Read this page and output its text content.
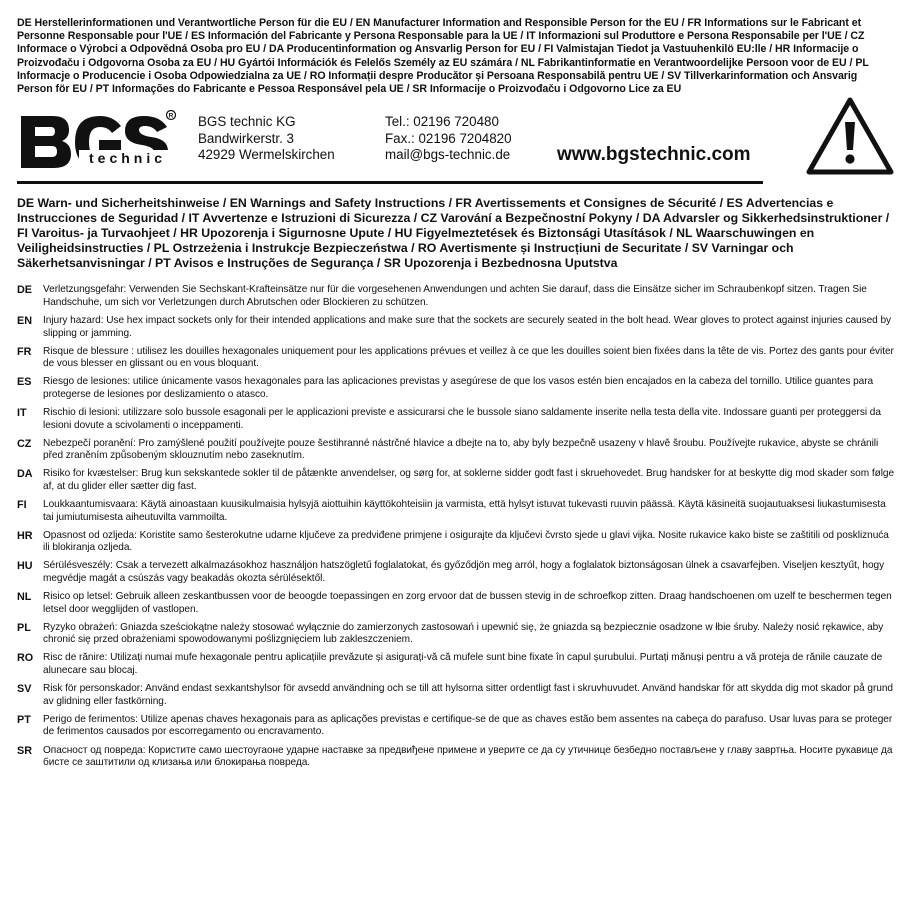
DE Herstellerinformationen und Verantwortliche Person für die EU / EN Manufacturer Information and Responsible Person for the EU / FR Informations sur le Fabricant et Personne Responsable pour l'UE / ES Información del Fabricante y Persona Responsable para la UE / IT Informazioni sul Produttore e Persona Responsabile per l'UE / CZ Informace o Výrobci a Odpovědná Osoba pro EU / DA Producentinformation og Ansvarlig Person for EU / FI Valmistajan Tiedot ja Vastuuhenkilö EU:lle / HR Informacije o Proizvođaču i Odgovorna Osoba za EU / HU Gyártói Információk és Felelős Személy az EU számára / NL Fabrikantinformatie en Verantwoordelijke Persoon voor de EU / PL Informacje o Producencie i Osoba Odpowiedzialna za UE / RO Informații despre Producător și Persoana Responsabilă pentru UE / SV Tillverkarinformation och Ansvarig Person för EU / PT Informações do Fabricante e Pessoa Responsável pela UE / SR Informacije o Proizvođaču i Odgovorno Lice za EU
R
technic
BGS technic KG
Bandwirkerstr. 3
42929 Wermelskirchen
Tel.: 02196 720480
Fax.: 02196 7204820
mail@bgs-technic.de www.bgstechnic.com
DE Warn- und Sicherheitshinweise / EN Warnings and Safety Instructions / FR Avertissements et Consignes de Sécurité / ES Advertencias e Instrucciones de Seguridad / IT Avvertenze e Istruzioni di Sicurezza / CZ Varování a Bezpečnostní Pokyny / DA Advarsler og Sikkerhedsinstruktioner / FI Varoitus- ja Turvaohjeet / HR Upozorenja i Sigurnosne Upute / HU Figyelmeztetések és Biztonsági Utasítások / NL Waarschuwingen en Veiligheidsinstructies / PL Ostrzeżenia i Instrukcje Bezpieczeństwa / RO Avertismente și Instrucțiuni de Securitate / SV Varningar och Säkerhetsanvisningar / PT Avisos e Instruções de Segurança / SR Upozorenja i Bezbednosna Uputstva
DE	Verletzungsgefahr: Verwenden Sie Sechskant-Krafteinsätze nur für die vorgesehenen Anwendungen und achten Sie darauf, dass die Einsätze sicher im Schraubenkopf sitzen. Tragen Sie Handschuhe, um sich vor Verletzungen durch Abrutschen oder Blockieren zu schützen.
EN	Injury hazard: Use hex impact sockets only for their intended applications and make sure that the sockets are securely seated in the bolt head. Wear gloves to protect against injuries caused by slipping or jamming.
FR	Risque de blessure : utilisez les douilles hexagonales uniquement pour les applications prévues et veillez à ce que les douilles soient bien fixées dans la tête de vis. Portez des gants pour éviter de vous blesser en glissant ou en vous bloquant.
ES	Riesgo de lesiones: utilice únicamente vasos hexagonales para las aplicaciones previstas y asegúrese de que los vasos estén bien encajados en la cabeza del tornillo. Utilice guantes para protegerse de lesiones por deslizamiento o atasco.
IT	Rischio di lesioni: utilizzare solo bussole esagonali per le applicazioni previste e assicurarsi che le bussole siano saldamente inserite nella testa della vite. Indossare guanti per proteggersi da lesioni dovute a scivolamenti o inceppamenti.
CZ	Nebezpečí poranění: Pro zamýšlené použití používejte pouze šestihranné nástrčné hlavice a dbejte na to, aby byly bezpečně usazeny v hlavě šroubu. Používejte rukavice, abyste se chránili před zraněním způsobeným sklouznutím nebo zaseknutím.
DA	Risiko for kvæstelser: Brug kun sekskantede sokler til de påtænkte anvendelser, og sørg for, at soklerne sidder godt fast i skruehovedet. Brug handsker for at beskytte dig mod skader som følge af, at du glider eller sætter dig fast.
FI	Loukkaantumisvaara: Käytä ainoastaan kuusikulmaisia hylsyjä aiottuihin käyttökohteisiin ja varmista, että hylsyt istuvat tukevasti ruuvin päässä. Käytä käsineitä suojautuaksesi liukastumisesta tai jumiutumisesta aiheutuvilta vammoilta.
HR	Opasnost od ozljeda: Koristite samo šesterokutne udarne ključeve za predviđene primjene i osigurajte da ključevi čvrsto sjede u glavi vijka. Nosite rukavice kako biste se zaštitili od poskliznuća ili blokiranja ozljeda.
HU	Sérülésveszély: Csak a tervezett alkalmazásokhoz használjon hatszögletű foglalatokat, és győződjön meg arról, hogy a foglalatok biztonságosan ülnek a csavarfejben. Viseljen kesztyűt, hogy megvédje magát a csúszás vagy beakadás okozta sérülésektől.
NL	Risico op letsel: Gebruik alleen zeskantbussen voor de beoogde toepassingen en zorg ervoor dat de bussen stevig in de schroefkop zitten. Draag handschoenen om uzelf te beschermen tegen letsel door wegglijden of vastlopen.
PL	Ryzyko obrażeń: Gniazda sześciokątne należy stosować wyłącznie do zamierzonych zastosowań i upewnić się, że gniazda są bezpiecznie osadzone w łbie śruby. Należy nosić rękawice, aby chronić się przed obrażeniami spowodowanymi poślizgnięciem lub zakleszczeniem.
RO Risc de rănire: Utilizați numai mufe hexagonale pentru aplicațiile prevăzute și asigurați-vă că mufele sunt bine fixate în capul șurubului. Purtați mănuși pentru a vă proteja de rănile cauzate de alunecare sau blocaj.
SV	Risk för personskador: Använd endast sexkantshylsor för avsedd användning och se till att hylsorna sitter ordentligt fast i skruvhuvudet. Använd handskar för att skydda dig mot skador på grund av glidning eller fastkörning.
PT	Perigo de ferimentos: Utilize apenas chaves hexagonais para as aplicações previstas e certifique-se de que as chaves estão bem assentes na cabeça do parafuso. Usar luvas para se proteger de ferimentos causados por escorregamento ou encravamento.
SR	Опасност од повреда: Користите само шестоугаоне ударне наставке за предвиђене примене и уверите се да су утичнице безбедно постављене у главу завртња. Носите рукавице да бисте се заштитили од клизања или блокирања повреда.
